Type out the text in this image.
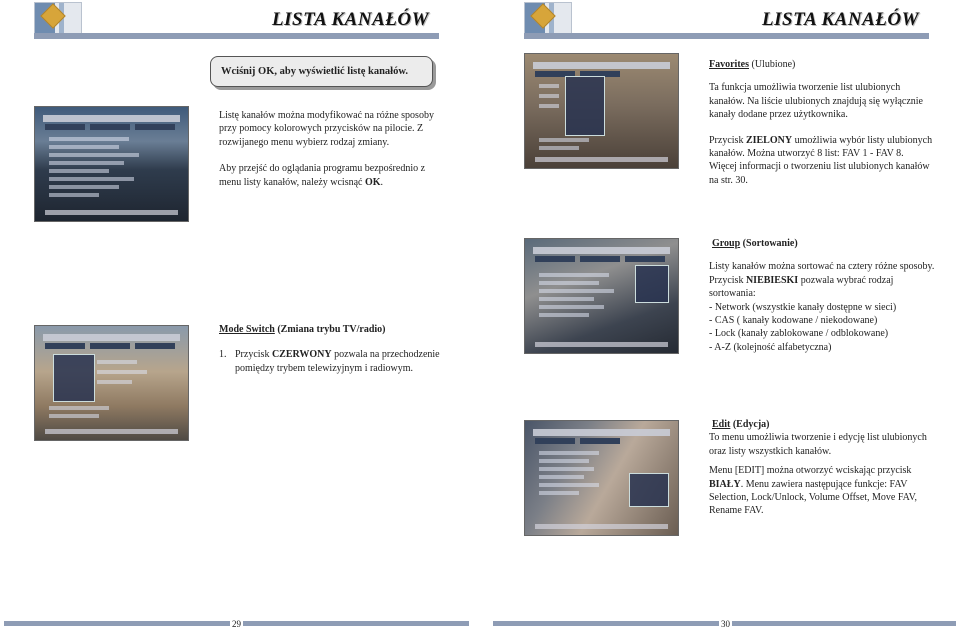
LISTA KANAŁÓW	LISTA KANAŁÓW
Wciśnij OK, aby wyświetlić listę kanałów.
Listę kanałów można modyfikować na różne sposoby przy pomocy kolorowych przycisków na pilocie. Z rozwijanego menu wybierz rodzaj zmiany.
Aby przejść do oglądania programu bezpośrednio z menu listy kanałów, należy wcisnąć OK.
Mode Switch (Zmiana trybu TV/radio)
1. Przycisk CZERWONY pozwala na przechodzenie pomiędzy trybem telewizyjnym i radiowym.
Favorites (Ulubione)
Ta funkcja umożliwia tworzenie list ulubionych kanałów. Na liście ulubionych znajdują się wyłącznie kanały dodane przez użytkownika.
Przycisk ZIELONY umożliwia wybór listy ulubionych kanałów. Można utworzyć 8 list: FAV 1 - FAV 8.
Więcej informacji o tworzeniu list ulubionych kanałów na str. 30.
Group (Sortowanie)
Listy kanałów można sortować na cztery różne sposoby.
Przycisk NIEBIESKI pozwala wybrać rodzaj sortowania:
- Network (wszystkie kanały dostępne w sieci)
- CAS ( kanały kodowane / niekodowane)
- Lock (kanały zablokowane / odblokowane)
- A-Z (kolejność alfabetyczna)
Edit (Edycja)
To menu umożliwia tworzenie i edycję list ulubionych oraz listy wszystkich kanałów.
Menu [EDIT] można otworzyć wciskając przycisk BIAŁY. Menu zawiera następujące funkcje: FAV Selection, Lock/Unlock, Volume Offset, Move FAV, Rename FAV.
29	30
